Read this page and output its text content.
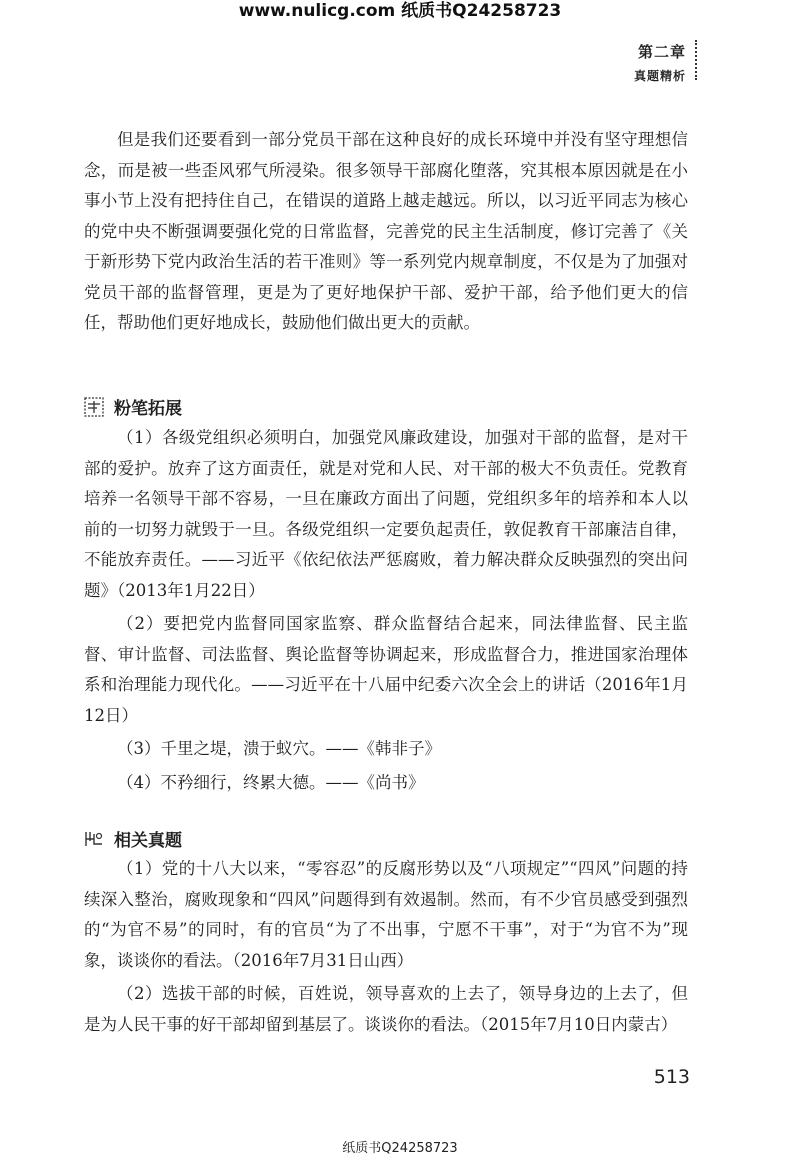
www.nulicg.com 纸质书Q24258723
第二章
真题精析

但是我们还要看到一部分党员干部在这种良好的成长环境中并没有坚守理想信念，而是被一些歪风邪气所浸染。很多领导干部腐化堕落，究其根本原因就是在小事小节上没有把持住自己，在错误的道路上越走越远。所以，以习近平同志为核心的党中央不断强调要强化党的日常监督，完善党的民主生活制度，修订完善了《关于新形势下党内政治生活的若干准则》等一系列党内规章制度，不仅是为了加强对党员干部的监督管理，更是为了更好地保护干部、爱护干部，给予他们更大的信任，帮助他们更好地成长，鼓励他们做出更大的贡献。

粉笔拓展
（1）各级党组织必须明白，加强党风廉政建设，加强对干部的监督，是对干部的爱护。放弃了这方面责任，就是对党和人民、对干部的极大不负责任。党教育培养一名领导干部不容易，一旦在廉政方面出了问题，党组织多年的培养和本人以前的一切努力就毁于一旦。各级党组织一定要负起责任，敦促教育干部廉洁自律，不能放弃责任。——习近平《依纪依法严惩腐败，着力解决群众反映强烈的突出问题》（2013年1月22日）
（2）要把党内监督同国家监察、群众监督结合起来，同法律监督、民主监督、审计监督、司法监督、舆论监督等协调起来，形成监督合力，推进国家治理体系和治理能力现代化。——习近平在十八届中纪委六次全会上的讲话（2016年1月12日）
（3）千里之堤，溃于蚁穴。——《韩非子》
（4）不矜细行，终累大德。——《尚书》
相关真题
（1）党的十八大以来，“零容忍”的反腐形势以及“八项规定”“四风”问题的持续深入整治，腐败现象和“四风”问题得到有效遏制。然而，有不少官员感受到强烈的“为官不易”的同时，有的官员“为了不出事，宁愿不干事”，对于“为官不为”现象，谈谈你的看法。（2016年7月31日山西）
（2）选拔干部的时候，百姓说，领导喜欢的上去了，领导身边的上去了，但是为人民干事的好干部却留到基层了。谈谈你的看法。（2015年7月10日内蒙古）
513
纸质书Q24258723
